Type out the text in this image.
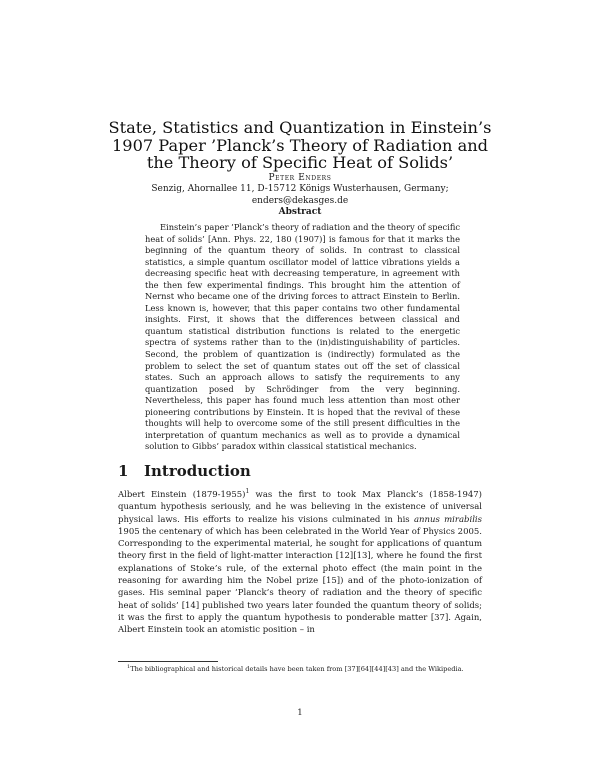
State, Statistics and Quantization in Einstein’s
1907 Paper ’Planck’s Theory of Radiation and
the Theory of Specific Heat of Solids’
Peter Enders
Senzig, Ahornallee 11, D-15712 Königs Wusterhausen, Germany;
enders@dekasges.de
Abstract

Einstein’s paper ’Planck’s theory of radiation and the theory of specific heat of solids’ [Ann. Phys. 22, 180 (1907)] is famous for that it marks the beginning of the quantum theory of solids. In contrast to classical statistics, a simple quantum oscillator model of lattice vibrations yields a decreasing specific heat with decreasing temperature, in agreement with the then few experimental findings. This brought him the attention of Nernst who became one of the driving forces to attract Einstein to Berlin. Less known is, however, that this paper contains two other fundamental insights. First, it shows that the differences between classical and quantum statistical distribution functions is related to the energetic spectra of systems rather than to the (in)distinguishability of particles. Second, the problem of quantization is (indirectly) formulated as the problem to select the set of quantum states out off the set of classical states. Such an approach allows to satisfy the requirements to any quantization posed by Schrödinger from the very beginning. Nevertheless, this paper has found much less attention than most other pioneering contributions by Einstein. It is hoped that the revival of these thoughts will help to overcome some of the still present difficulties in the interpretation of quantum mechanics as well as to provide a dynamical solution to Gibbs’ paradox within classical statistical mechanics.

1 Introduction

Albert Einstein (1879-1955)$^1$ was the first to took Max Planck’s (1858-1947) quantum hypothesis seriously, and he was believing in the existence of universal physical laws. His efforts to realize his visions culminated in his annus mirabilis 1905 the centenary of which has been celebrated in the World Year of Physics 2005. Corresponding to the experimental material, he sought for applications of quantum theory first in the field of light-matter interaction [12][13], where he found the first explanations of Stoke’s rule, of the external photo effect (the main point in the reasoning for awarding him the Nobel prize [15]) and of the photo-ionization of gases. His seminal paper ’Planck’s theory of radiation and the theory of specific heat of solids’ [14] published two years later founded the quantum theory of solids; it was the first to apply the quantum hypothesis to ponderable matter [37]. Again, Albert Einstein took an atomistic position – in

$^1$The bibliographical and historical details have been taken from [37][64][44][43] and the Wikipedia.

1
